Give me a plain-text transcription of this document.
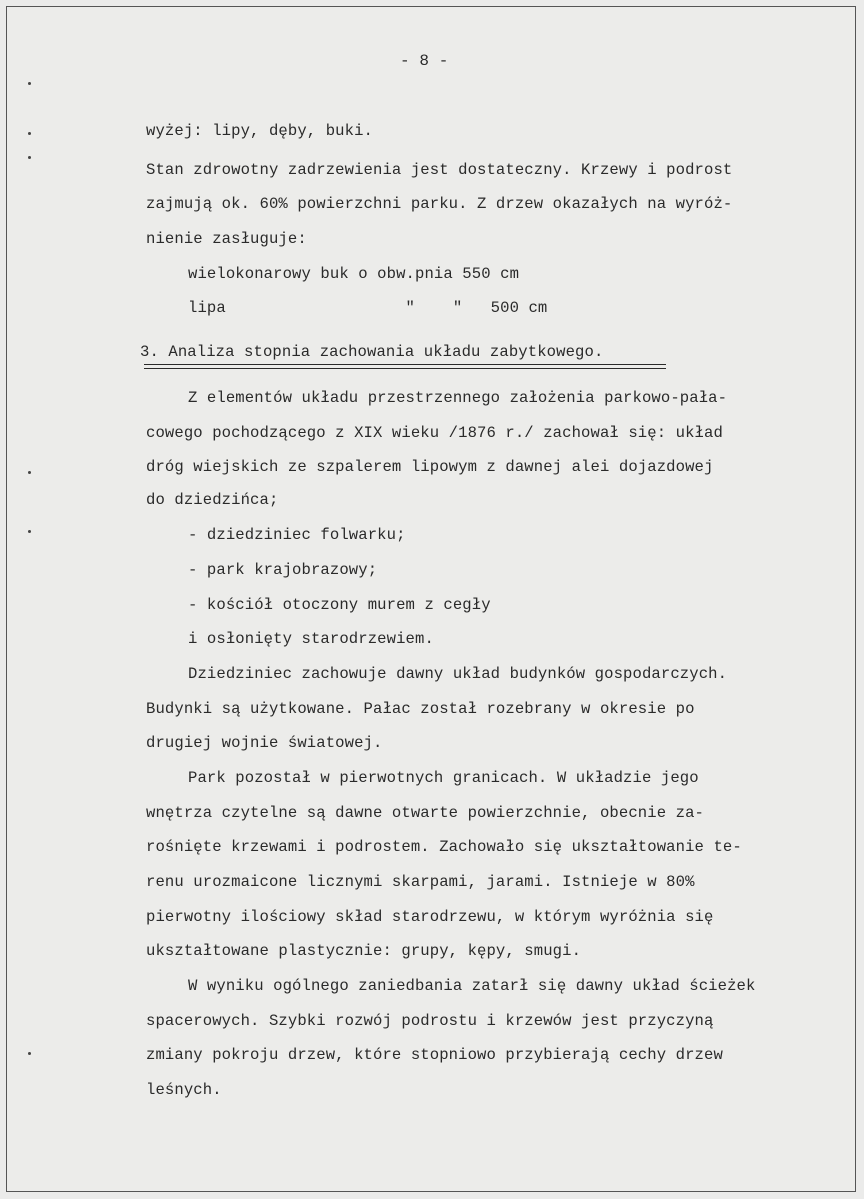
- 8 -
wyżej: lipy, dęby, buki.
Stan zdrowotny zadrzewienia jest dostateczny. Krzewy i podrost
zajmują ok. 60% powierzchni parku. Z drzew okazałych na wyróż-
nienie zasługuje:
wielokonarowy buk o obw.pnia 550 cm
lipa                   "    "   500 cm
3. Analiza stopnia zachowania układu zabytkowego.
Z elementów układu przestrzennego założenia parkowo-pała-
cowego pochodzącego z XIX wieku /1876 r./ zachował się: układ
dróg wiejskich ze szpalerem lipowym z dawnej alei dojazdowej
do dziedzińca;
- dziedziniec folwarku;
- park krajobrazowy;
- kościół otoczony murem z cegły
i osłonięty starodrzewiem.
Dziedziniec zachowuje dawny układ budynków gospodarczych.
Budynki są użytkowane. Pałac został rozebrany w okresie po
drugiej wojnie światowej.
Park pozostał w pierwotnych granicach. W układzie jego
wnętrza czytelne są dawne otwarte powierzchnie, obecnie za-
rośnięte krzewami i podrostem. Zachowało się ukształtowanie te-
renu urozmaicone licznymi skarpami, jarami. Istnieje w 80%
pierwotny ilościowy skład starodrzewu, w którym wyróżnia się
ukształtowane plastycznie: grupy, kępy, smugi.
W wyniku ogólnego zaniedbania zatarł się dawny układ ścieżek
spacerowych. Szybki rozwój podrostu i krzewów jest przyczyną
zmiany pokroju drzew, które stopniowo przybierają cechy drzew
leśnych.
